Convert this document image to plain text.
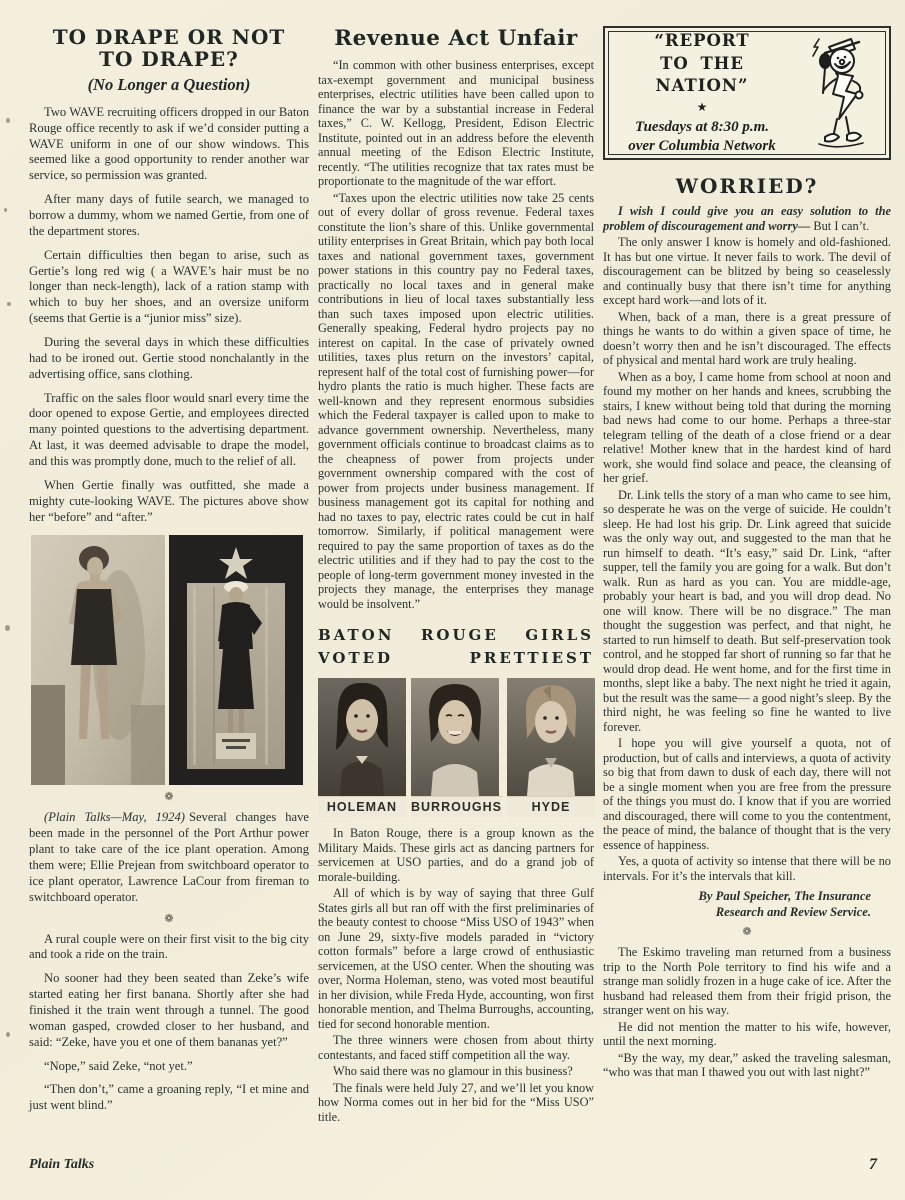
TO DRAPE OR NOT
TO DRAPE?
(No Longer a Question)

Two WAVE recruiting officers dropped in our Baton Rouge office recently to ask if we’d consider putting a WAVE uniform in one of our show windows. This seemed like a good opportunity to render another war service, so permission was granted.

After many days of futile search, we managed to borrow a dummy, whom we named Gertie, from one of the department stores.

Certain difficulties then began to arise, such as Gertie’s long red wig ( a WAVE’s hair must be no longer than neck-length), lack of a ration stamp with which to buy her shoes, and an oversize uniform (seems that Gertie is a “junior miss” size).

During the several days in which these difficulties had to be ironed out. Gertie stood nonchalantly in the advertising office, sans clothing.

Traffic on the sales floor would snarl every time the door opened to expose Gertie, and employees directed many pointed questions to the advertising department. At last, it was deemed advisable to drape the model, and this was promptly done, much to the relief of all.

When Gertie finally was outfitted, she made a mighty cute-looking WAVE. The pictures above show her “before” and “after.”

❁

(Plain Talks—May, 1924) Several changes have been made in the personnel of the Port Arthur power plant to take care of the ice plant operation. Among them were; Ellie Prejean from switchboard operator to ice plant operator, Lawrence LaCour from fireman to switchboard operator.

❁

A rural couple were on their first visit to the big city and took a ride on the train.

No sooner had they been seated than Zeke’s wife started eating her first banana. Shortly after she had finished it the train went through a tunnel. The good woman gasped, crowded closer to her husband, and said: “Zeke, have you et one of them bananas yet?”

“Nope,” said Zeke, “not yet.”

“Then don’t,” came a groaning reply, “I et mine and just went blind.”

Revenue Act Unfair

“In common with other business enterprises, except tax-exempt government and municipal business enterprises, electric utilities have been called upon to finance the war by a substantial increase in Federal taxes,” C. W. Kellogg, President, Edison Electric Institute, pointed out in an address before the eleventh annual meeting of the Edison Electric Institute, recently. “The utilities recognize that tax rates must be proportionate to the magnitude of the war effort.

“Taxes upon the electric utilities now take 25 cents out of every dollar of gross revenue. Federal taxes constitute the lion’s share of this. Unlike governmental utility enterprises in Great Britain, which pay both local taxes and national government taxes, government power stations in this country pay no Federal taxes, practically no local taxes and in general make contributions in lieu of local taxes substantially less than such taxes imposed upon electric utilities. Generally speaking, Federal hydro projects pay no interest on capital. In the case of privately owned utilities, taxes plus return on the investors’ capital, represent half of the total cost of furnishing power—for hydro plants the ratio is much higher. These facts are well-known and they represent enormous subsidies which the Federal taxpayer is called upon to make to advance government ownership. Nevertheless, many government officials continue to broadcast claims as to the cheapness of power from projects under government ownership compared with the cost of power from projects under business management. If business management got its capital for nothing and had no taxes to pay, electric rates could be cut in half tomorrow. Similarly, if political management were required to pay the same proportion of taxes as do the electric utilities and if they had to pay the cost to the people of long-term government money invested in the projects they manage, the enterprises they manage would be insolvent.”

BATON ROUGE GIRLS
VOTED PRETTIEST
HOLEMAN	BURROUGHS	HYDE

In Baton Rouge, there is a group known as the Military Maids. These girls act as dancing partners for servicemen at USO parties, and do a grand job of morale-building.

All of which is by way of saying that three Gulf States girls all but ran off with the first preliminaries of the beauty contest to choose “Miss USO of 1943” when on June 29, sixty-five models paraded in “victory cotton formals” before a large crowd of enthusiastic servicemen, at the USO center. When the shouting was over, Norma Holeman, steno, was voted most beautiful in her division, while Freda Hyde, accounting, won first honorable mention, and Thelma Burroughs, accounting, tied for second honorable mention.

The three winners were chosen from about thirty contestants, and faced stiff competition all the way.

Who said there was no glamour in this business?

The finals were held July 27, and we’ll let you know how Norma comes out in her bid for the “Miss USO” title.

“REPORT
TO THE NATION”
★
Tuesdays at 8:30 p.m.
over Columbia Network
WORRIED?

I wish I could give you an easy solution to the problem of discouragement and worry— But I can’t.

The only answer I know is homely and old-fashioned. It has but one virtue. It never fails to work. The devil of discouragement can be blitzed by being so ceaselessly and continually busy that there isn’t time for anything except hard work—and lots of it.

When, back of a man, there is a great pressure of things he wants to do within a given space of time, he doesn’t worry then and he isn’t discouraged. The effects of physical and mental hard work are truly healing.

When as a boy, I came home from school at noon and found my mother on her hands and knees, scrubbing the stairs, I knew without being told that during the morning bad news had come to our home. Perhaps a three-star telegram telling of the death of a close friend or a dear relative! Mother knew that in the hardest kind of hard work, she would find solace and peace, the cleansing of her grief.

Dr. Link tells the story of a man who came to see him, so desperate he was on the verge of suicide. He couldn’t sleep. He had lost his grip. Dr. Link agreed that suicide was the only way out, and suggested to the man that he run himself to death. “It’s easy,” said Dr. Link, “after supper, tell the family you are going for a walk. But don’t walk. Run as hard as you can. You are middle-age, probably your heart is bad, and you will drop dead. No one will know. There will be no disgrace.” The man thought the suggestion was perfect, and that night, he started to run himself to death. But self-preservation took control, and he stopped far short of running so far that he would drop dead. He went home, and for the first time in months, slept like a baby. The next night he tried it again, but the result was the same— a good night’s sleep. By the third night, he was feeling so fine he wanted to live forever.

I hope you will give yourself a quota, not of production, but of calls and interviews, a quota of activity so big that from dawn to dusk of each day, there will not be a single moment when you are free from the pressure of the things you must do. I know that if you are worried and discouraged, there will come to you the contentment, the peace of mind, the balance of thought that is the very essence of happiness.

Yes, a quota of activity so intense that there will be no intervals. For it’s the intervals that kill.

By Paul Speicher, The Insurance
Research and Review Service.
❁

The Eskimo traveling man returned from a business trip to the North Pole territory to find his wife and a strange man solidly frozen in a huge cake of ice. After the husband had released them from their frigid prison, the stranger went on his way.

He did not mention the matter to his wife, however, until the next morning.

“By the way, my dear,” asked the traveling salesman, “who was that man I thawed you out with last night?”

Plain Talks	7
